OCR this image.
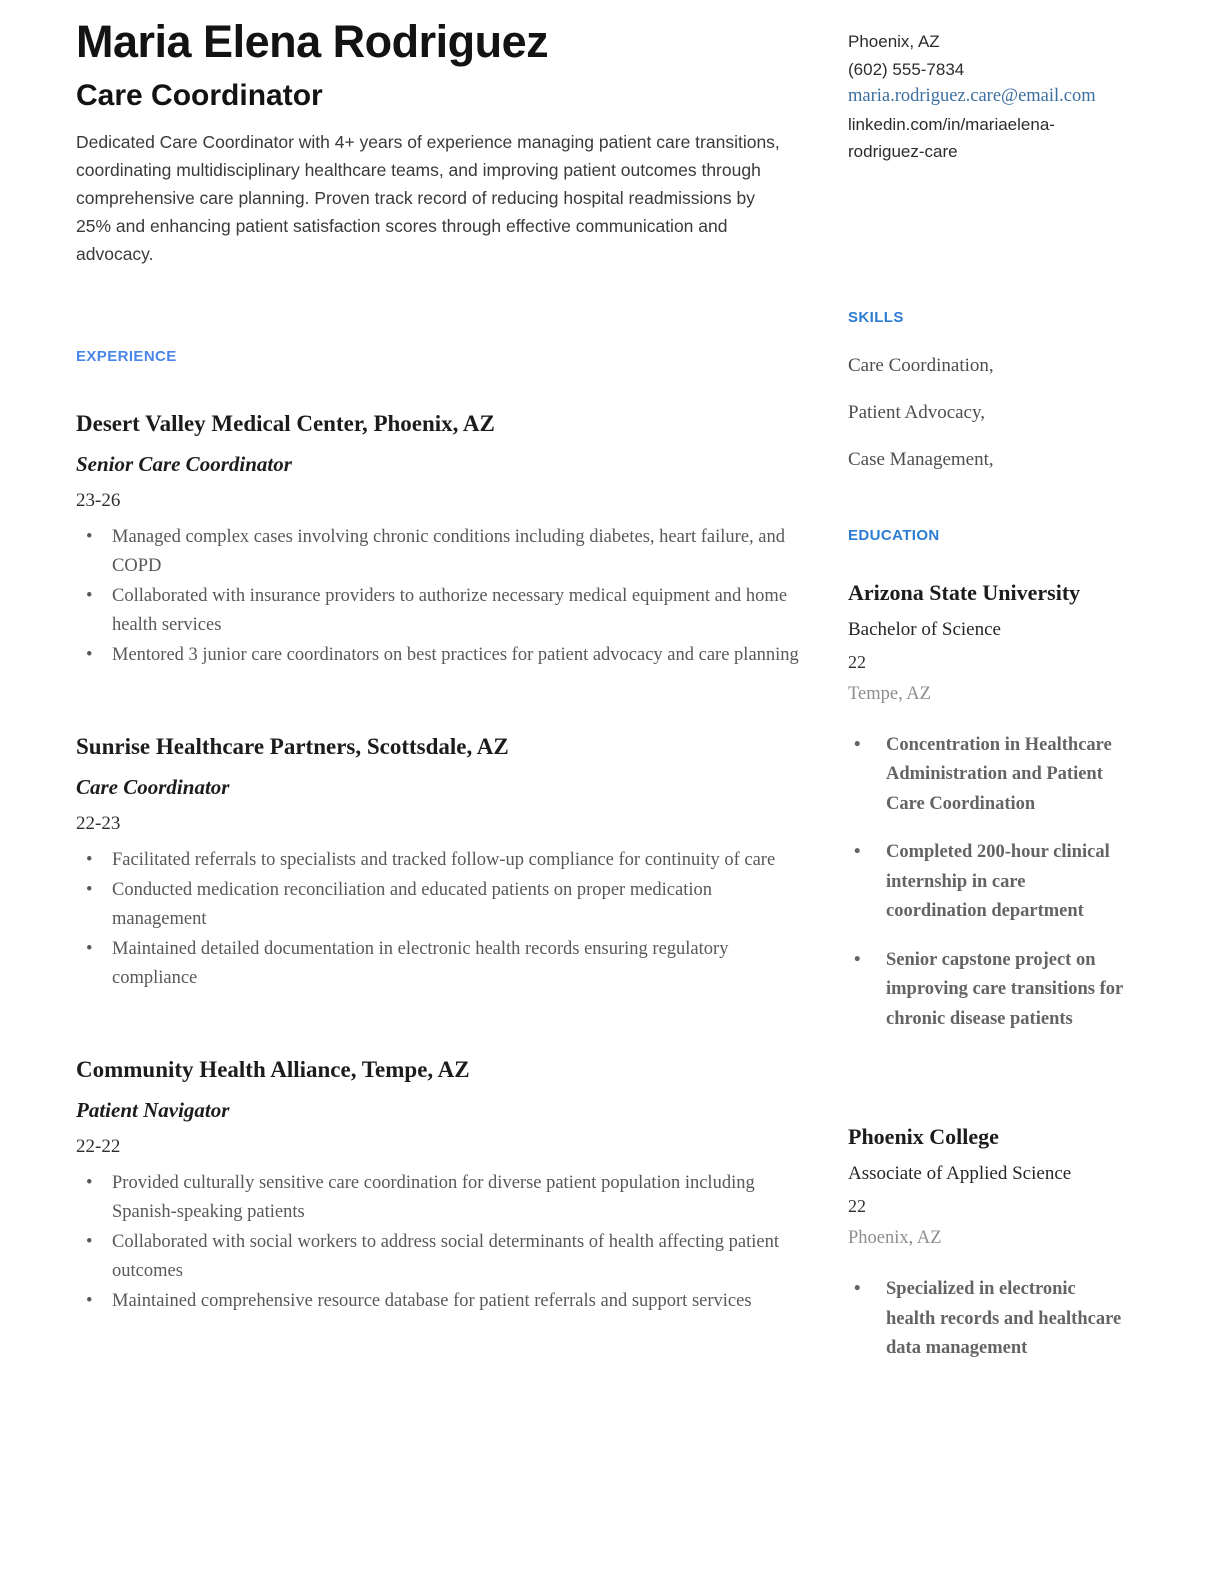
Maria Elena Rodriguez
Care Coordinator
Dedicated Care Coordinator with 4+ years of experience managing patient care transitions, coordinating multidisciplinary healthcare teams, and improving patient outcomes through comprehensive care planning. Proven track record of reducing hospital readmissions by 25% and enhancing patient satisfaction scores through effective communication and advocacy.
EXPERIENCE
Desert Valley Medical Center, Phoenix, AZ
Senior Care Coordinator
23-26
• Managed complex cases involving chronic conditions including diabetes, heart failure, and COPD
• Collaborated with insurance providers to authorize necessary medical equipment and home health services
• Mentored 3 junior care coordinators on best practices for patient advocacy and care planning
Sunrise Healthcare Partners, Scottsdale, AZ
Care Coordinator
22-23
• Facilitated referrals to specialists and tracked follow-up compliance for continuity of care
• Conducted medication reconciliation and educated patients on proper medication management
• Maintained detailed documentation in electronic health records ensuring regulatory compliance
Community Health Alliance, Tempe, AZ
Patient Navigator
22-22
• Provided culturally sensitive care coordination for diverse patient population including Spanish-speaking patients
• Collaborated with social workers to address social determinants of health affecting patient outcomes
• Maintained comprehensive resource database for patient referrals and support services
Phoenix, AZ
(602) 555-7834
maria.rodriguez.care@email.com
linkedin.com/in/mariaelena-rodriguez-care
SKILLS
Care Coordination,
Patient Advocacy,
Case Management,
EDUCATION
Arizona State University
Bachelor of Science
22
Tempe, AZ
• Concentration in Healthcare Administration and Patient Care Coordination
• Completed 200-hour clinical internship in care coordination department
• Senior capstone project on improving care transitions for chronic disease patients
Phoenix College
Associate of Applied Science
22
Phoenix, AZ
• Specialized in electronic health records and healthcare data management
